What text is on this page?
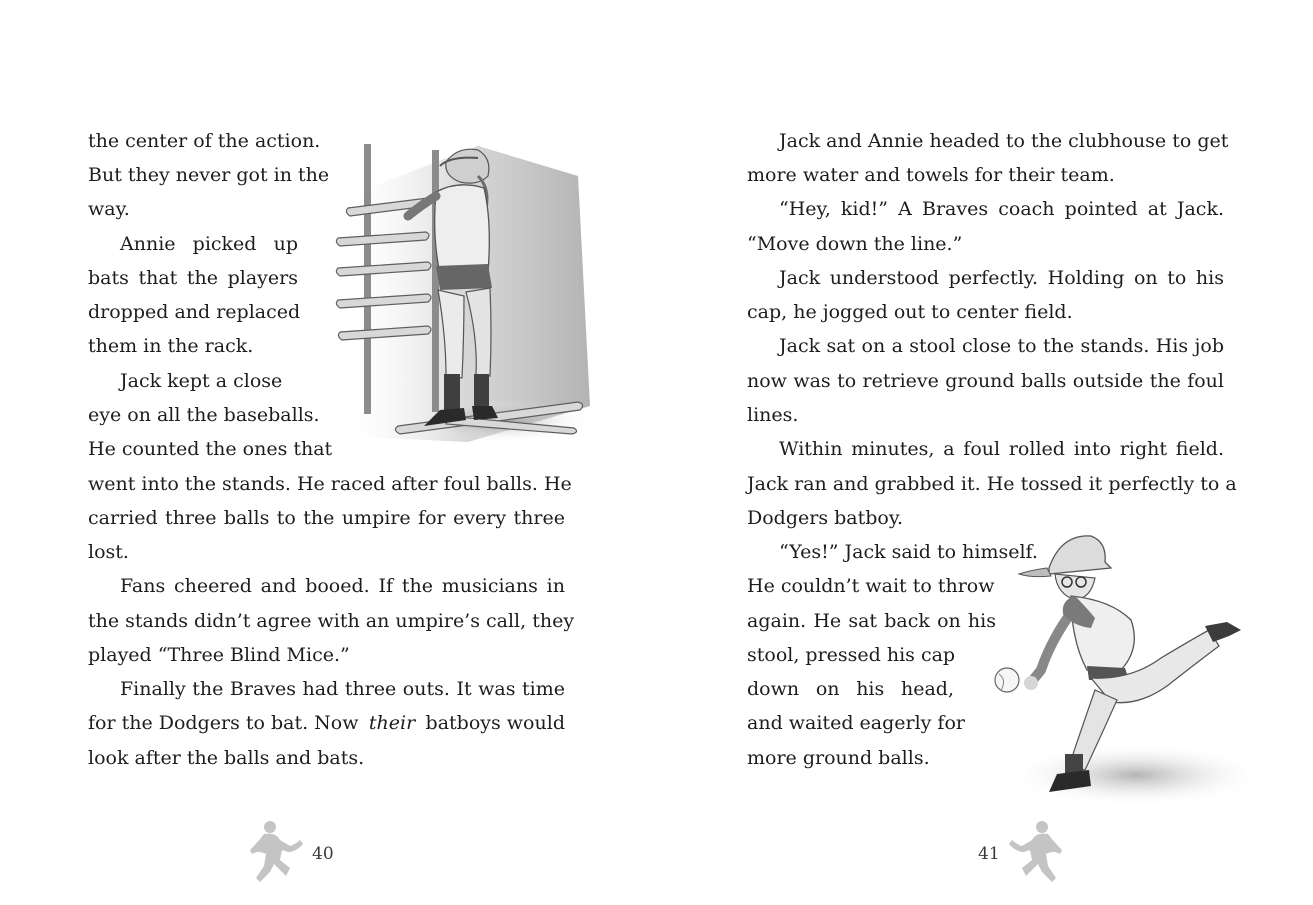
the center of the action.
But they never got in the
way.
Annie picked up
bats that the players
dropped and replaced
them in the rack.
Jack kept a close
eye on all the baseballs.
He counted the ones that
went into the stands. He raced after foul balls. He
carried three balls to the umpire for every three
lost.
Fans cheered and booed. If the musicians in
the stands didn’t agree with an umpire’s call, they
played “Three Blind Mice.”
Finally the Braves had three outs. It was time
for the Dodgers to bat. Now their batboys would
look after the balls and bats.
40
Jack and Annie headed to the clubhouse to get
more water and towels for their team.
“Hey, kid!” A Braves coach pointed at Jack.
“Move down the line.”
Jack understood perfectly. Holding on to his
cap, he jogged out to center field.
Jack sat on a stool close to the stands. His job
now was to retrieve ground balls outside the foul
lines.
Within minutes, a foul rolled into right field.
Jack ran and grabbed it. He tossed it perfectly to a
Dodgers batboy.
“Yes!” Jack said to himself.
He couldn’t wait to throw
again. He sat back on his
stool, pressed his cap
down on his head,
and waited eagerly for
more ground balls.
41
